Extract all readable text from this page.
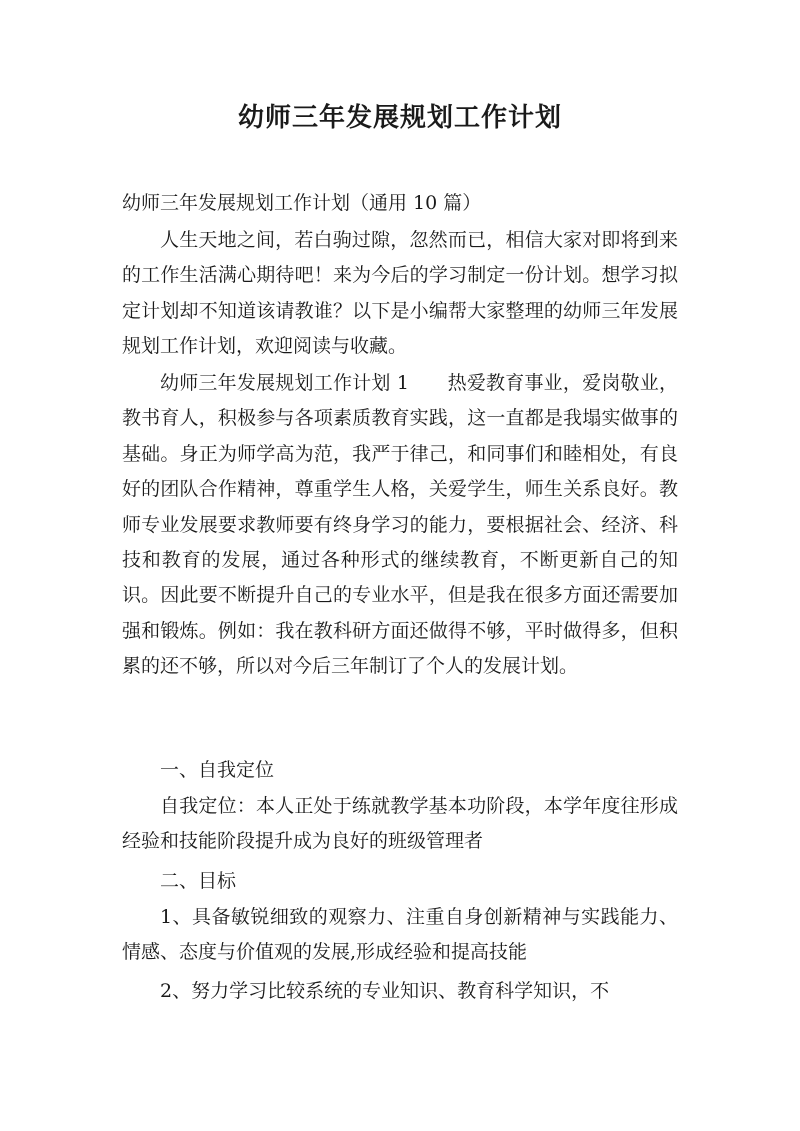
幼师三年发展规划工作计划
幼师三年发展规划工作计划（通用 10 篇）

人生天地之间，若白驹过隙，忽然而已，相信大家对即将到来的工作生活满心期待吧！来为今后的学习制定一份计划。想学习拟定计划却不知道该请教谁？以下是小编帮大家整理的幼师三年发展规划工作计划，欢迎阅读与收藏。

幼师三年发展规划工作计划 1　　热爱教育事业，爱岗敬业，教书育人，积极参与各项素质教育实践，这一直都是我塌实做事的基础。身正为师学高为范，我严于律己，和同事们和睦相处，有良好的团队合作精神，尊重学生人格，关爱学生，师生关系良好。教师专业发展要求教师要有终身学习的能力，要根据社会、经济、科技和教育的发展，通过各种形式的继续教育，不断更新自己的知识。因此要不断提升自己的专业水平，但是我在很多方面还需要加强和锻炼。例如：我在教科研方面还做得不够，平时做得多，但积累的还不够，所以对今后三年制订了个人的发展计划。

一、自我定位

自我定位：本人正处于练就教学基本功阶段，本学年度往形成经验和技能阶段提升成为良好的班级管理者

二、目标

1、具备敏锐细致的观察力、注重自身创新精神与实践能力、情感、态度与价值观的发展,形成经验和提高技能

2、努力学习比较系统的专业知识、教育科学知识，不
